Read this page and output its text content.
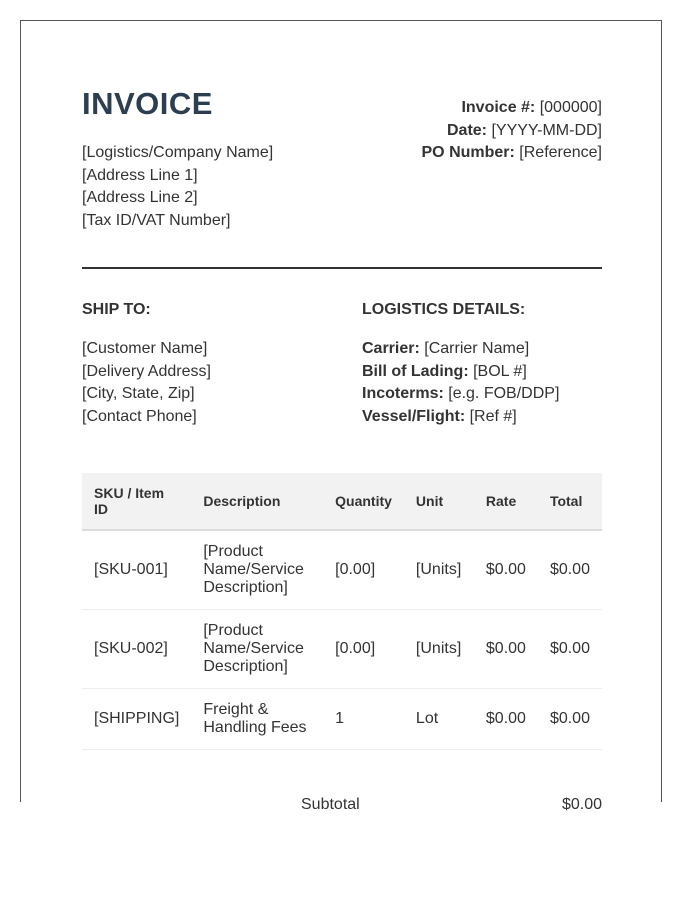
INVOICE
[Logistics/Company Name]
[Address Line 1]
[Address Line 2]
[Tax ID/VAT Number]
Invoice #: [000000]
Date: [YYYY-MM-DD]
PO Number: [Reference]
SHIP TO:	LOGISTICS DETAILS:
[Customer Name]
[Delivery Address]
[City, State, Zip]
[Contact Phone]
Carrier: [Carrier Name]
Bill of Lading: [BOL #]
Incoterms: [e.g. FOB/DDP]
Vessel/Flight: [Ref #]
SKU / Item ID	Description	Quantity	Unit	Rate	Total
[SKU-001]	[Product Name/Service Description]	[0.00]	[Units]	$0.00	$0.00
[SKU-002]	[Product Name/Service Description]	[0.00]	[Units]	$0.00	$0.00
[SHIPPING]	Freight & Handling Fees	1	Lot	$0.00	$0.00
Subtotal	$0.00
